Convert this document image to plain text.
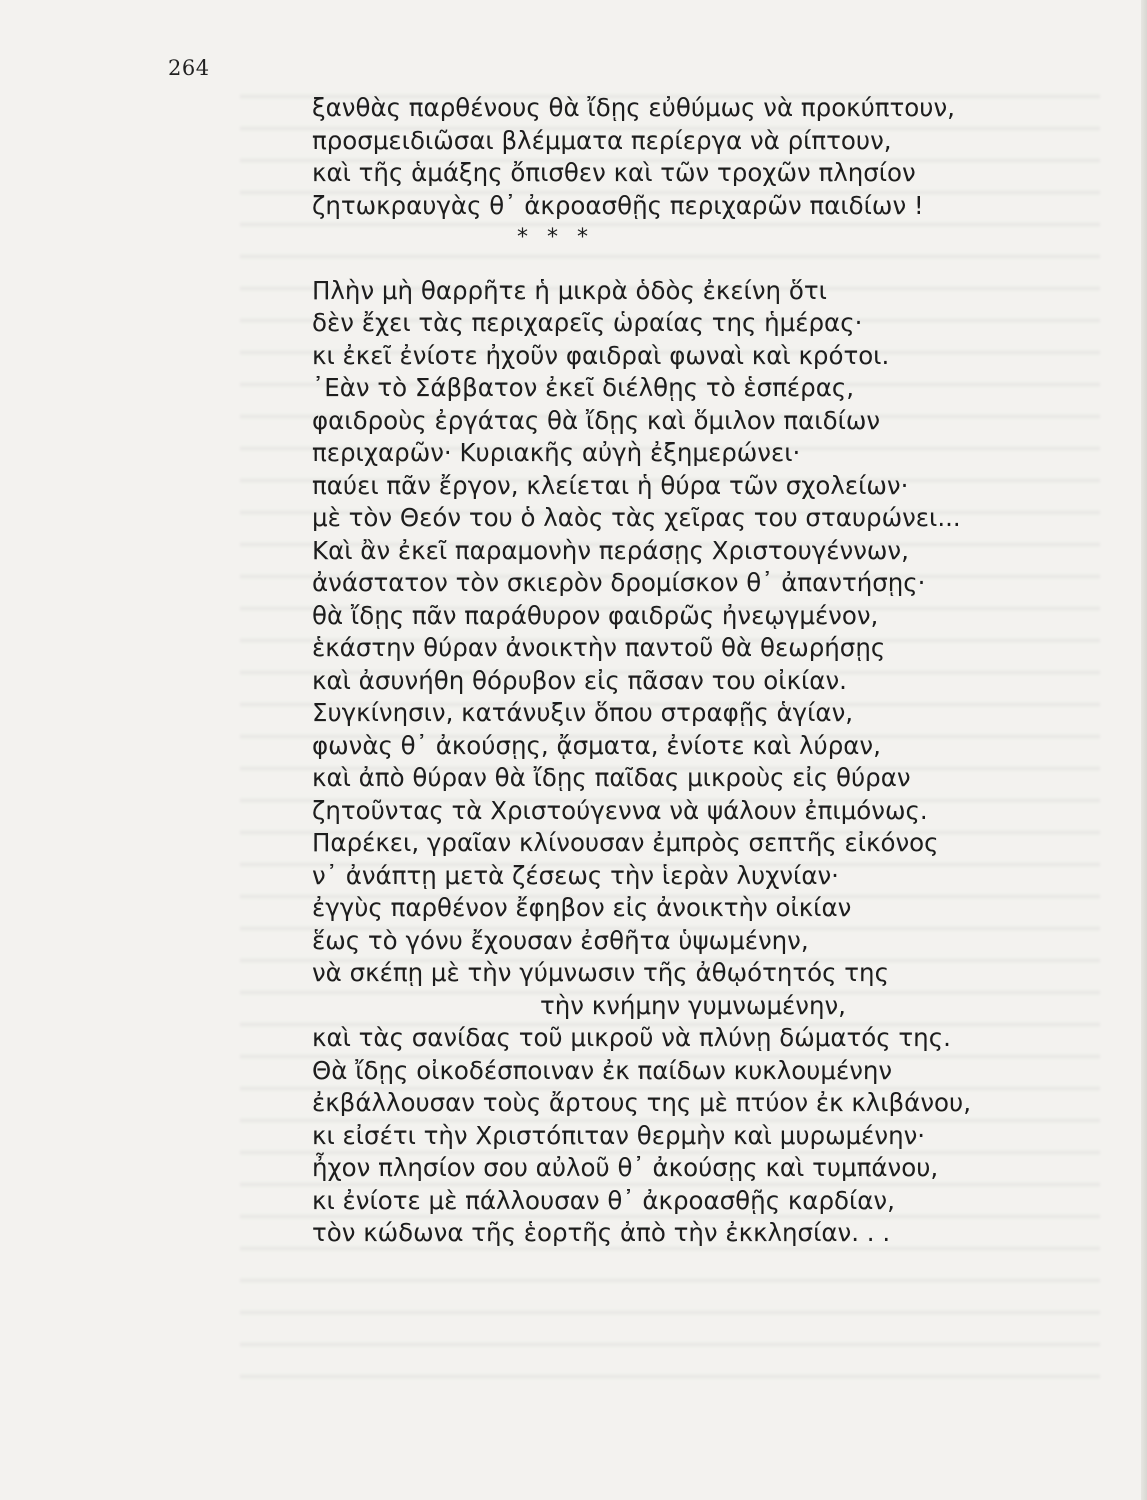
264
ξανθὰς παρθένους θὰ ἴδῃς εὐθύμως νὰ προκύπτουν,
προσμειδιῶσαι βλέμματα περίεργα νὰ ρίπτουν,
καὶ τῆς ἁμάξης ὄπισθεν καὶ τῶν τροχῶν πλησίον
ζητωκραυγὰς θ᾿ ἀκροασθῇς περιχαρῶν παιδίων !
* * *
Πλὴν μὴ θαρρῆτε ἡ μικρὰ ὁδὸς ἐκείνη ὅτι
δὲν ἔχει τὰς περιχαρεῖς ὡραίας της ἡμέρας·
κι ἐκεῖ ἐνίοτε ἠχοῦν φαιδραὶ φωναὶ καὶ κρότοι.
᾿Εὰν τὸ Σάββατον ἐκεῖ διέλθῃς τὸ ἑσπέρας,
φαιδροὺς ἐργάτας θὰ ἴδῃς καὶ ὅμιλον παιδίων
περιχαρῶν· Κυριακῆς αὐγὴ ἐξημερώνει·
παύει πᾶν ἔργον, κλείεται ἡ θύρα τῶν σχολείων·
μὲ τὸν Θεόν του ὁ λαὸς τὰς χεῖρας του σταυρώνει...
Καὶ ἂν ἐκεῖ παραμονὴν περάσῃς Χριστουγέννων,
ἀνάστατον τὸν σκιερὸν δρομίσκον θ᾿ ἀπαντήσῃς·
θὰ ἴδῃς πᾶν παράθυρον φαιδρῶς ἠνεῳγμένον,
ἑκάστην θύραν ἀνοικτὴν παντοῦ θὰ θεωρήσῃς
καὶ ἀσυνήθη θόρυβον εἰς πᾶσαν του οἰκίαν.
Συγκίνησιν, κατάνυξιν ὅπου στραφῇς ἁγίαν,
φωνὰς θ᾿ ἀκούσῃς, ᾄσματα, ἐνίοτε καὶ λύραν,
καὶ ἀπὸ θύραν θὰ ἴδῃς παῖδας μικροὺς εἰς θύραν
ζητοῦντας τὰ Χριστούγεννα νὰ ψάλουν ἐπιμόνως.
Παρέκει, γραῖαν κλίνουσαν ἐμπρὸς σεπτῆς εἰκόνος
ν᾿ ἀνάπτῃ μετὰ ζέσεως τὴν ἱερὰν λυχνίαν·
ἐγγὺς παρθένον ἔφηβον εἰς ἀνοικτὴν οἰκίαν
ἕως τὸ γόνυ ἔχουσαν ἐσθῆτα ὑψωμένην,
νὰ σκέπῃ μὲ τὴν γύμνωσιν τῆς ἀθῳότητός της
τὴν κνήμην γυμνωμένην,
καὶ τὰς σανίδας τοῦ μικροῦ νὰ πλύνῃ δώματός της.
Θὰ ἴδῃς οἰκοδέσποιναν ἐκ παίδων κυκλουμένην
ἐκβάλλουσαν τοὺς ἄρτους της μὲ πτύον ἐκ κλιβάνου,
κι εἰσέτι τὴν Χριστόπιταν θερμὴν καὶ μυρωμένην·
ἦχον πλησίον σου αὐλοῦ θ᾿ ἀκούσῃς καὶ τυμπάνου,
κι ἐνίοτε μὲ πάλλουσαν θ᾿ ἀκροασθῇς καρδίαν,
τὸν κώδωνα τῆς ἑορτῆς ἀπὸ τὴν ἐκκλησίαν. . .
